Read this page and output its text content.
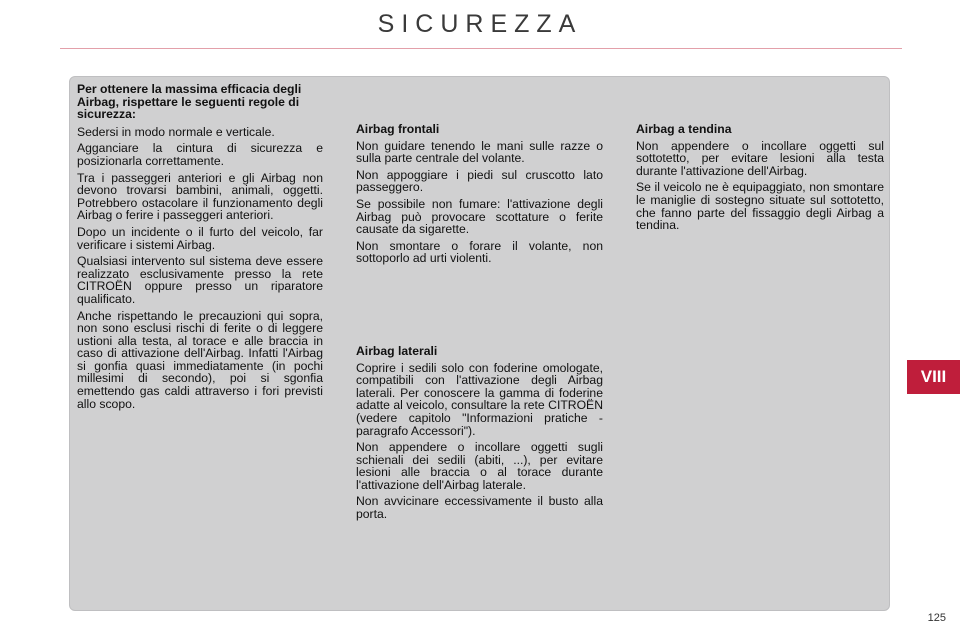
SICUREZZA
Per ottenere la massima efficacia degli Airbag, rispettare le seguenti regole di sicurezza:

Sedersi in modo normale e verticale.

Agganciare la cintura di sicurezza e posizionarla correttamente.

Tra i passeggeri anteriori e gli Airbag non devono trovarsi bambini, animali, oggetti. Potrebbero ostacolare il funzionamento degli Airbag o ferire i passeggeri anteriori.

Dopo un incidente o il furto del veicolo, far verificare i sistemi Airbag.

Qualsiasi intervento sul sistema deve essere realizzato esclusivamente presso la rete CITROËN oppure presso un riparatore qualificato.

Anche rispettando le precauzioni qui sopra, non sono esclusi rischi di ferite o di leggere ustioni alla testa, al torace e alle braccia in caso di attivazione dell'Airbag. Infatti l'Airbag si gonfia quasi immediatamente (in pochi millesimi di secondo), poi si sgonfia emettendo gas caldi attraverso i fori previsti allo scopo.

Airbag frontali

Non guidare tenendo le mani sulle razze o sulla parte centrale del volante.

Non appoggiare i piedi sul cruscotto lato passeggero.

Se possibile non fumare: l'attivazione degli Airbag può provocare scottature o ferite causate da sigarette.

Non smontare o forare il volante, non sottoporlo ad urti violenti.

Airbag laterali

Coprire i sedili solo con foderine omologate, compatibili con l'attivazione degli Airbag laterali. Per conoscere la gamma di foderine adatte al veicolo, consultare la rete CITROËN (vedere capitolo "Informazioni pratiche - paragrafo Accessori").

Non appendere o incollare oggetti sugli schienali dei sedili (abiti, ...), per evitare lesioni alle braccia o al torace durante l'attivazione dell'Airbag laterale.

Non avvicinare eccessivamente il busto alla porta.

Airbag a tendina

Non appendere o incollare oggetti sul sottotetto, per evitare lesioni alla testa durante l'attivazione dell'Airbag.

Se il veicolo ne è equipaggiato, non smontare le maniglie di sostegno situate sul sottotetto, che fanno parte del fissaggio degli Airbag a tendina.

VIII
125
